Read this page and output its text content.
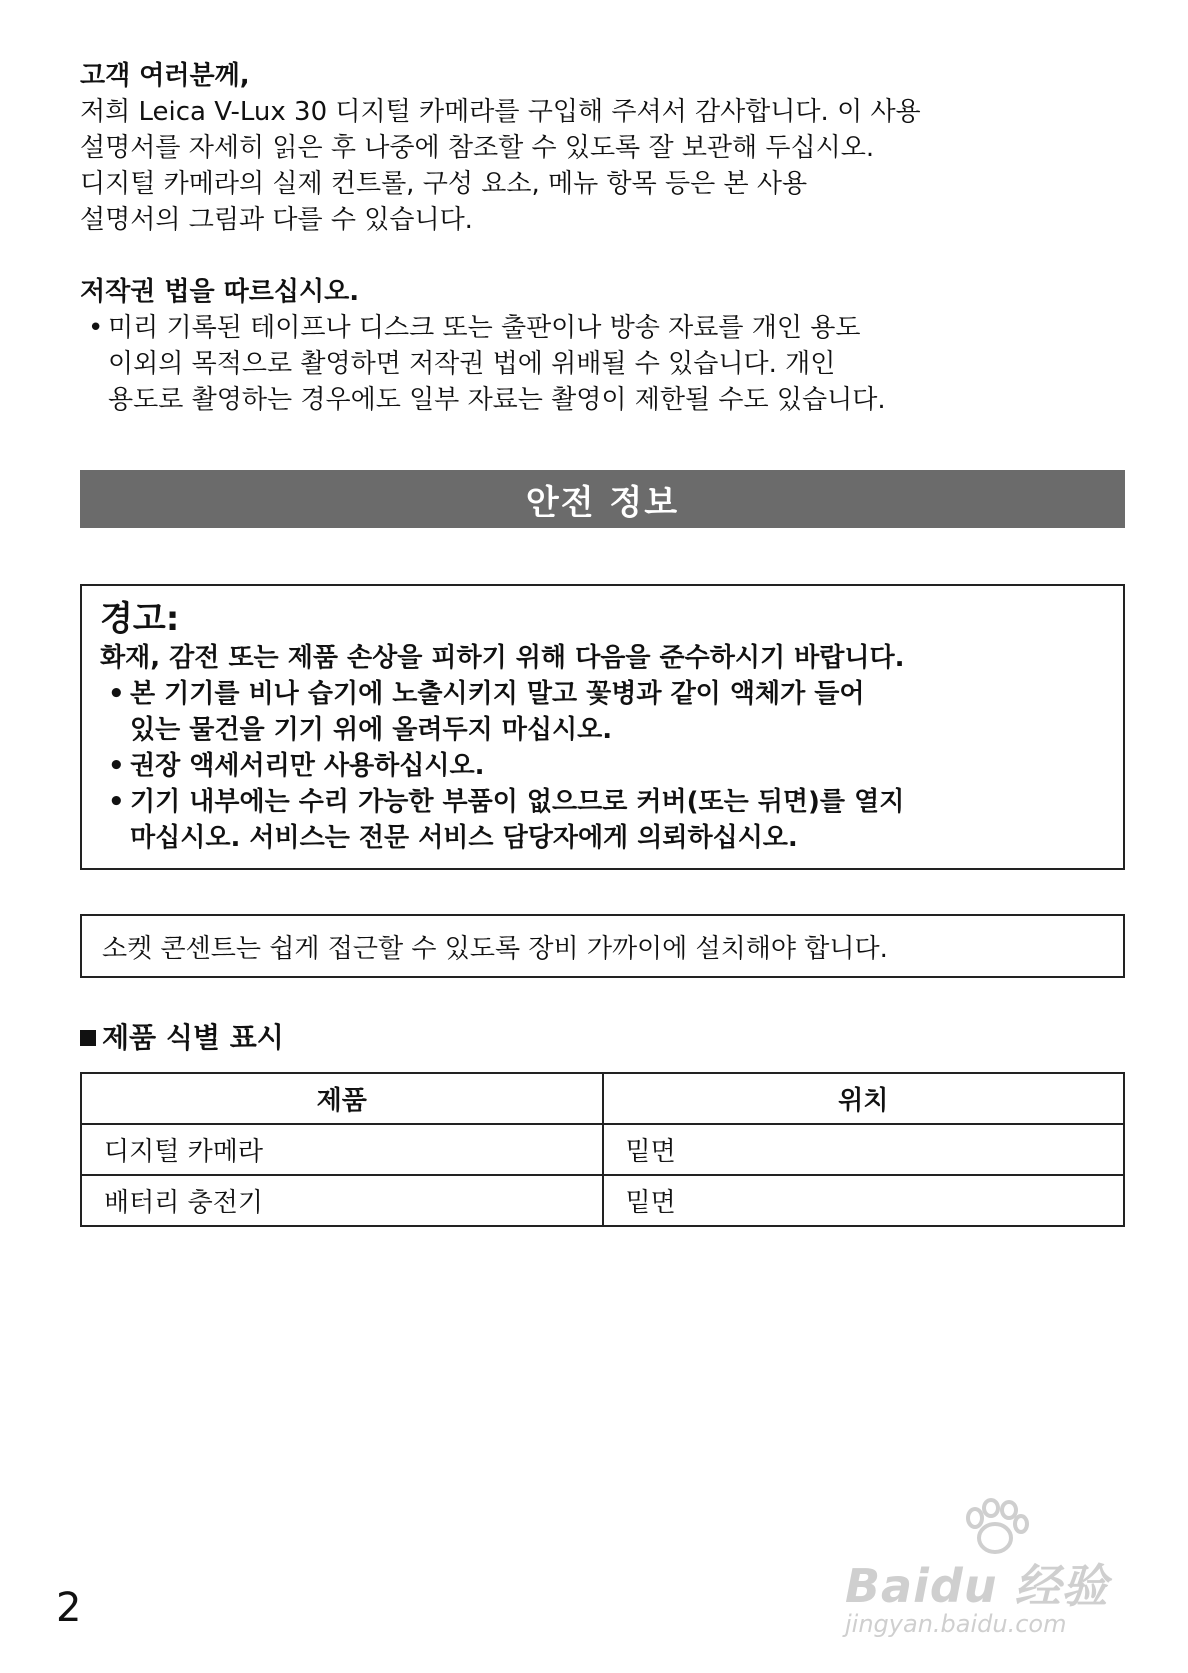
고객 여러분께,

저희 Leica V-Lux 30 디지털 카메라를 구입해 주셔서 감사합니다. 이 사용

설명서를 자세히 읽은 후 나중에 참조할 수 있도록 잘 보관해 두십시오.

디지털 카메라의 실제 컨트롤, 구성 요소, 메뉴 항목 등은 본 사용

설명서의 그림과 다를 수 있습니다.

저작권 법을 따르십시오.

• 미리 기록된 테이프나 디스크 또는 출판이나 방송 자료를 개인 용도
이외의 목적으로 촬영하면 저작권 법에 위배될 수 있습니다. 개인
용도로 촬영하는 경우에도 일부 자료는 촬영이 제한될 수도 있습니다.
안전 정보

경고:

화재, 감전 또는 제품 손상을 피하기 위해 다음을 준수하시기 바랍니다.

• 본 기기를 비나 습기에 노출시키지 말고 꽃병과 같이 액체가 들어
있는 물건을 기기 위에 올려두지 마십시오.
• 권장 액세서리만 사용하십시오.
• 기기 내부에는 수리 가능한 부품이 없으므로 커버(또는 뒤면)를 열지
마십시오. 서비스는 전문 서비스 담당자에게 의뢰하십시오.
소켓 콘센트는 쉽게 접근할 수 있도록 장비 가까이에 설치해야 합니다.
제품 식별 표시
제품	위치
디지털 카메라	밑면
배터리 충전기	밑면
2	Baidu 经验
jingyan.baidu.com
